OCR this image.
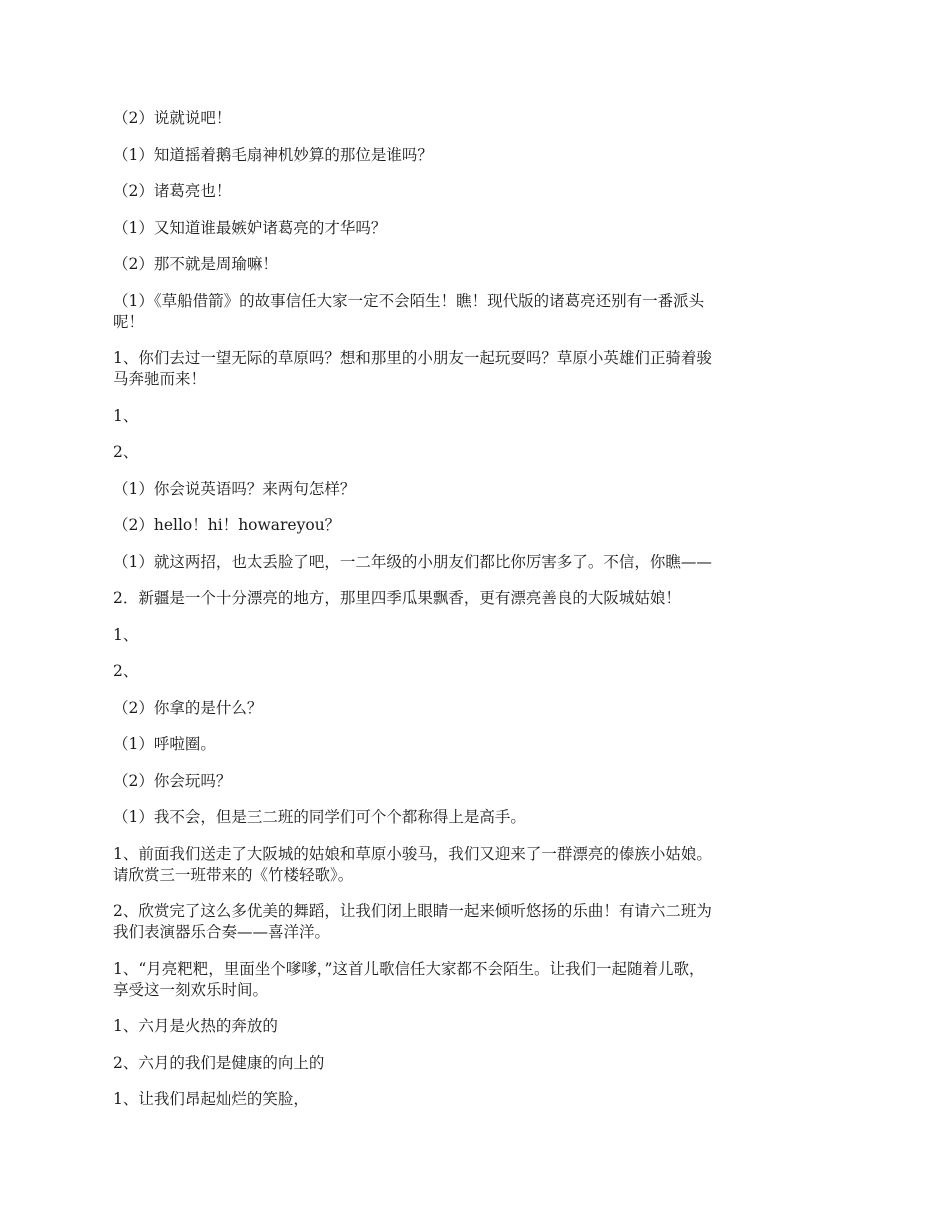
（2）说就说吧！

（1）知道摇着鹅毛扇神机妙算的那位是谁吗？

（2）诸葛亮也！

（1）又知道谁最嫉妒诸葛亮的才华吗？

（2）那不就是周瑜嘛！

（1）《草船借箭》的故事信任大家一定不会陌生！瞧！现代版的诸葛亮还别有一番派头
呢！

1、你们去过一望无际的草原吗？想和那里的小朋友一起玩耍吗？草原小英雄们正骑着骏
马奔驰而来！

1、

2、

（1）你会说英语吗？来两句怎样？

（2）hello！hi！howareyou？

（1）就这两招，也太丢脸了吧，一二年级的小朋友们都比你厉害多了。不信，你瞧——

2．新疆是一个十分漂亮的地方，那里四季瓜果飘香，更有漂亮善良的大阪城姑娘！

1、

2、

（2）你拿的是什么？

（1）呼啦圈。

（2）你会玩吗？

（1）我不会，但是三二班的同学们可个个都称得上是高手。

1、前面我们送走了大阪城的姑娘和草原小骏马，我们又迎来了一群漂亮的傣族小姑娘。
请欣赏三一班带来的《竹楼轻歌》。

2、欣赏完了这么多优美的舞蹈，让我们闭上眼睛一起来倾听悠扬的乐曲！有请六二班为
我们表演器乐合奏——喜洋洋。

1、“月亮粑粑，里面坐个嗲嗲，”这首儿歌信任大家都不会陌生。让我们一起随着儿歌，
享受这一刻欢乐时间。

1、六月是火热的奔放的

2、六月的我们是健康的向上的

1、让我们昂起灿烂的笑脸，
